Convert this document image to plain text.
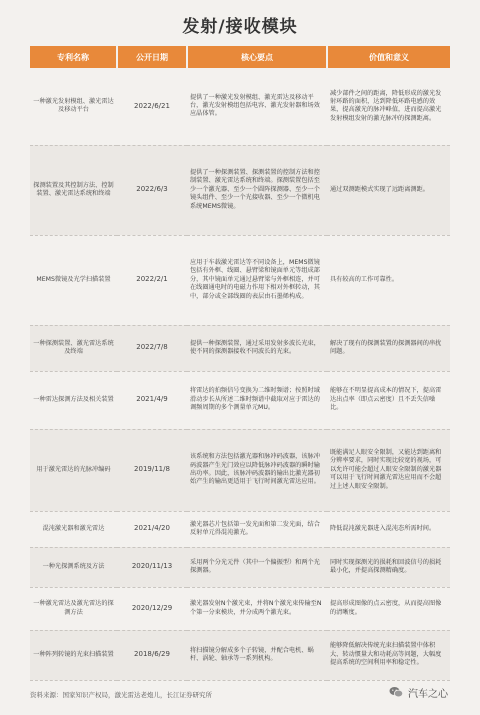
发射/接收模块
专利名称	公开日期	核心要点	价值和意义
一种激光发射模组、激光雷达及移动平台	2022/6/21	提供了一种激光发射模组、激光雷达及移动平台，激光发射模组包括电容、激光发射器和场效应晶体管。	减少部件之间的距离，降低形成的激光发射环路的面积，达到降低环路电感的效果，提高激光的脉冲峰值，进而提高激光发射模组发射的激光脉冲的探测距离。
探测装置及其控制方法、控制装置、激光雷达系统和终端	2022/6/3	提供了一种探测装置、探测装置的控制方法和控制装置、激光雷达系统和终端。探测装置包括至少一个激光器、至少一个圆阵探测器、至少一个镜头组件、至少一个光接收器、至少一个微机电系统MEMS微镜。	通过双测距模式实现了远距离测距。
MEMS微镜及光学扫描装置	2022/2/1	应用于车载激光雷达等不同设备上，MEMS微镜包括有外框、线圈、悬臂梁和镜面单元等组成部分，其中镜面单元通过悬臂梁与外框相连，并可在线圈通电时的电磁力作用下相对外框转动，其中，部分或全部线圈的表层由石墨烯构成。	具有较高的工作可靠性。
一种探测装置、激光雷达系统及终端	2022/7/8	提供一种探测装置，通过采用发射多波长光束，使不同的探测器接收不同波长的光束。	解决了现有的探测装置的探测器间的串扰问题。
一种雷达探测方法及相关装置	2021/4/9	将雷达的拍频信号变换为二维时频谱；按照时域滑动步长从所述二维时频谱中截取对应于雷达的调频周期的多个测量单元MU。	能够在不明显提高成本的情况下，提高雷达出点率（即点云密度）且不丢失信噪比。
用于激光雷达的光脉冲编码	2019/11/8	该系统和方法包括激光器和脉冲码波器，该脉冲码波器产生光门效应以降低脉冲码波器的瞬时输出功率。因此，该脉冲码波器的输出比激光器初始产生的输出更适用于飞行时间激光雷达应用。	既能满足人眼安全限制，又能达到距离和分辨率要求，同时实现比较宽的视场，可以允许可能会超过人眼安全限制的激光器可以用于飞行时间激光雷达应用而不会超过上述人眼安全限制。
混沌激光器和激光雷达	2021/4/20	激光器芯片包括第一发光面和第二发光面，结合反射单元得混沌激光。	降低混沌激光器进入混沌态所需时间。
一种光探测系统及方法	2020/11/13	采用两个分光元件（其中一个偏振型）和两个光探测器。	同时实现探测光的损耗和回波信号的损耗最小化，并提高探测精确度。
一种激光雷达及激光雷达的探测方法	2020/12/29	激光器发射N个激光束，并将N个激光束传输至N个第一分束模块，并分成两个激光束。	提高形成图像的点云密度，从而提高图像的清晰度。
一种阵列转镜的光束扫描装置	2018/6/29	将扫描镜分解成多个子转镜，并配合电机、蜗杆、涡轮、轴承等一系列机构。	能够降低解决传统光束扫描装置中体积大、转动惯量大和功耗高等问题，大幅度提高系统的空间利用率和稳定性。
资料来源：国家知识产权局，激光雷达老炮儿，长江证券研究所	汽车之心
